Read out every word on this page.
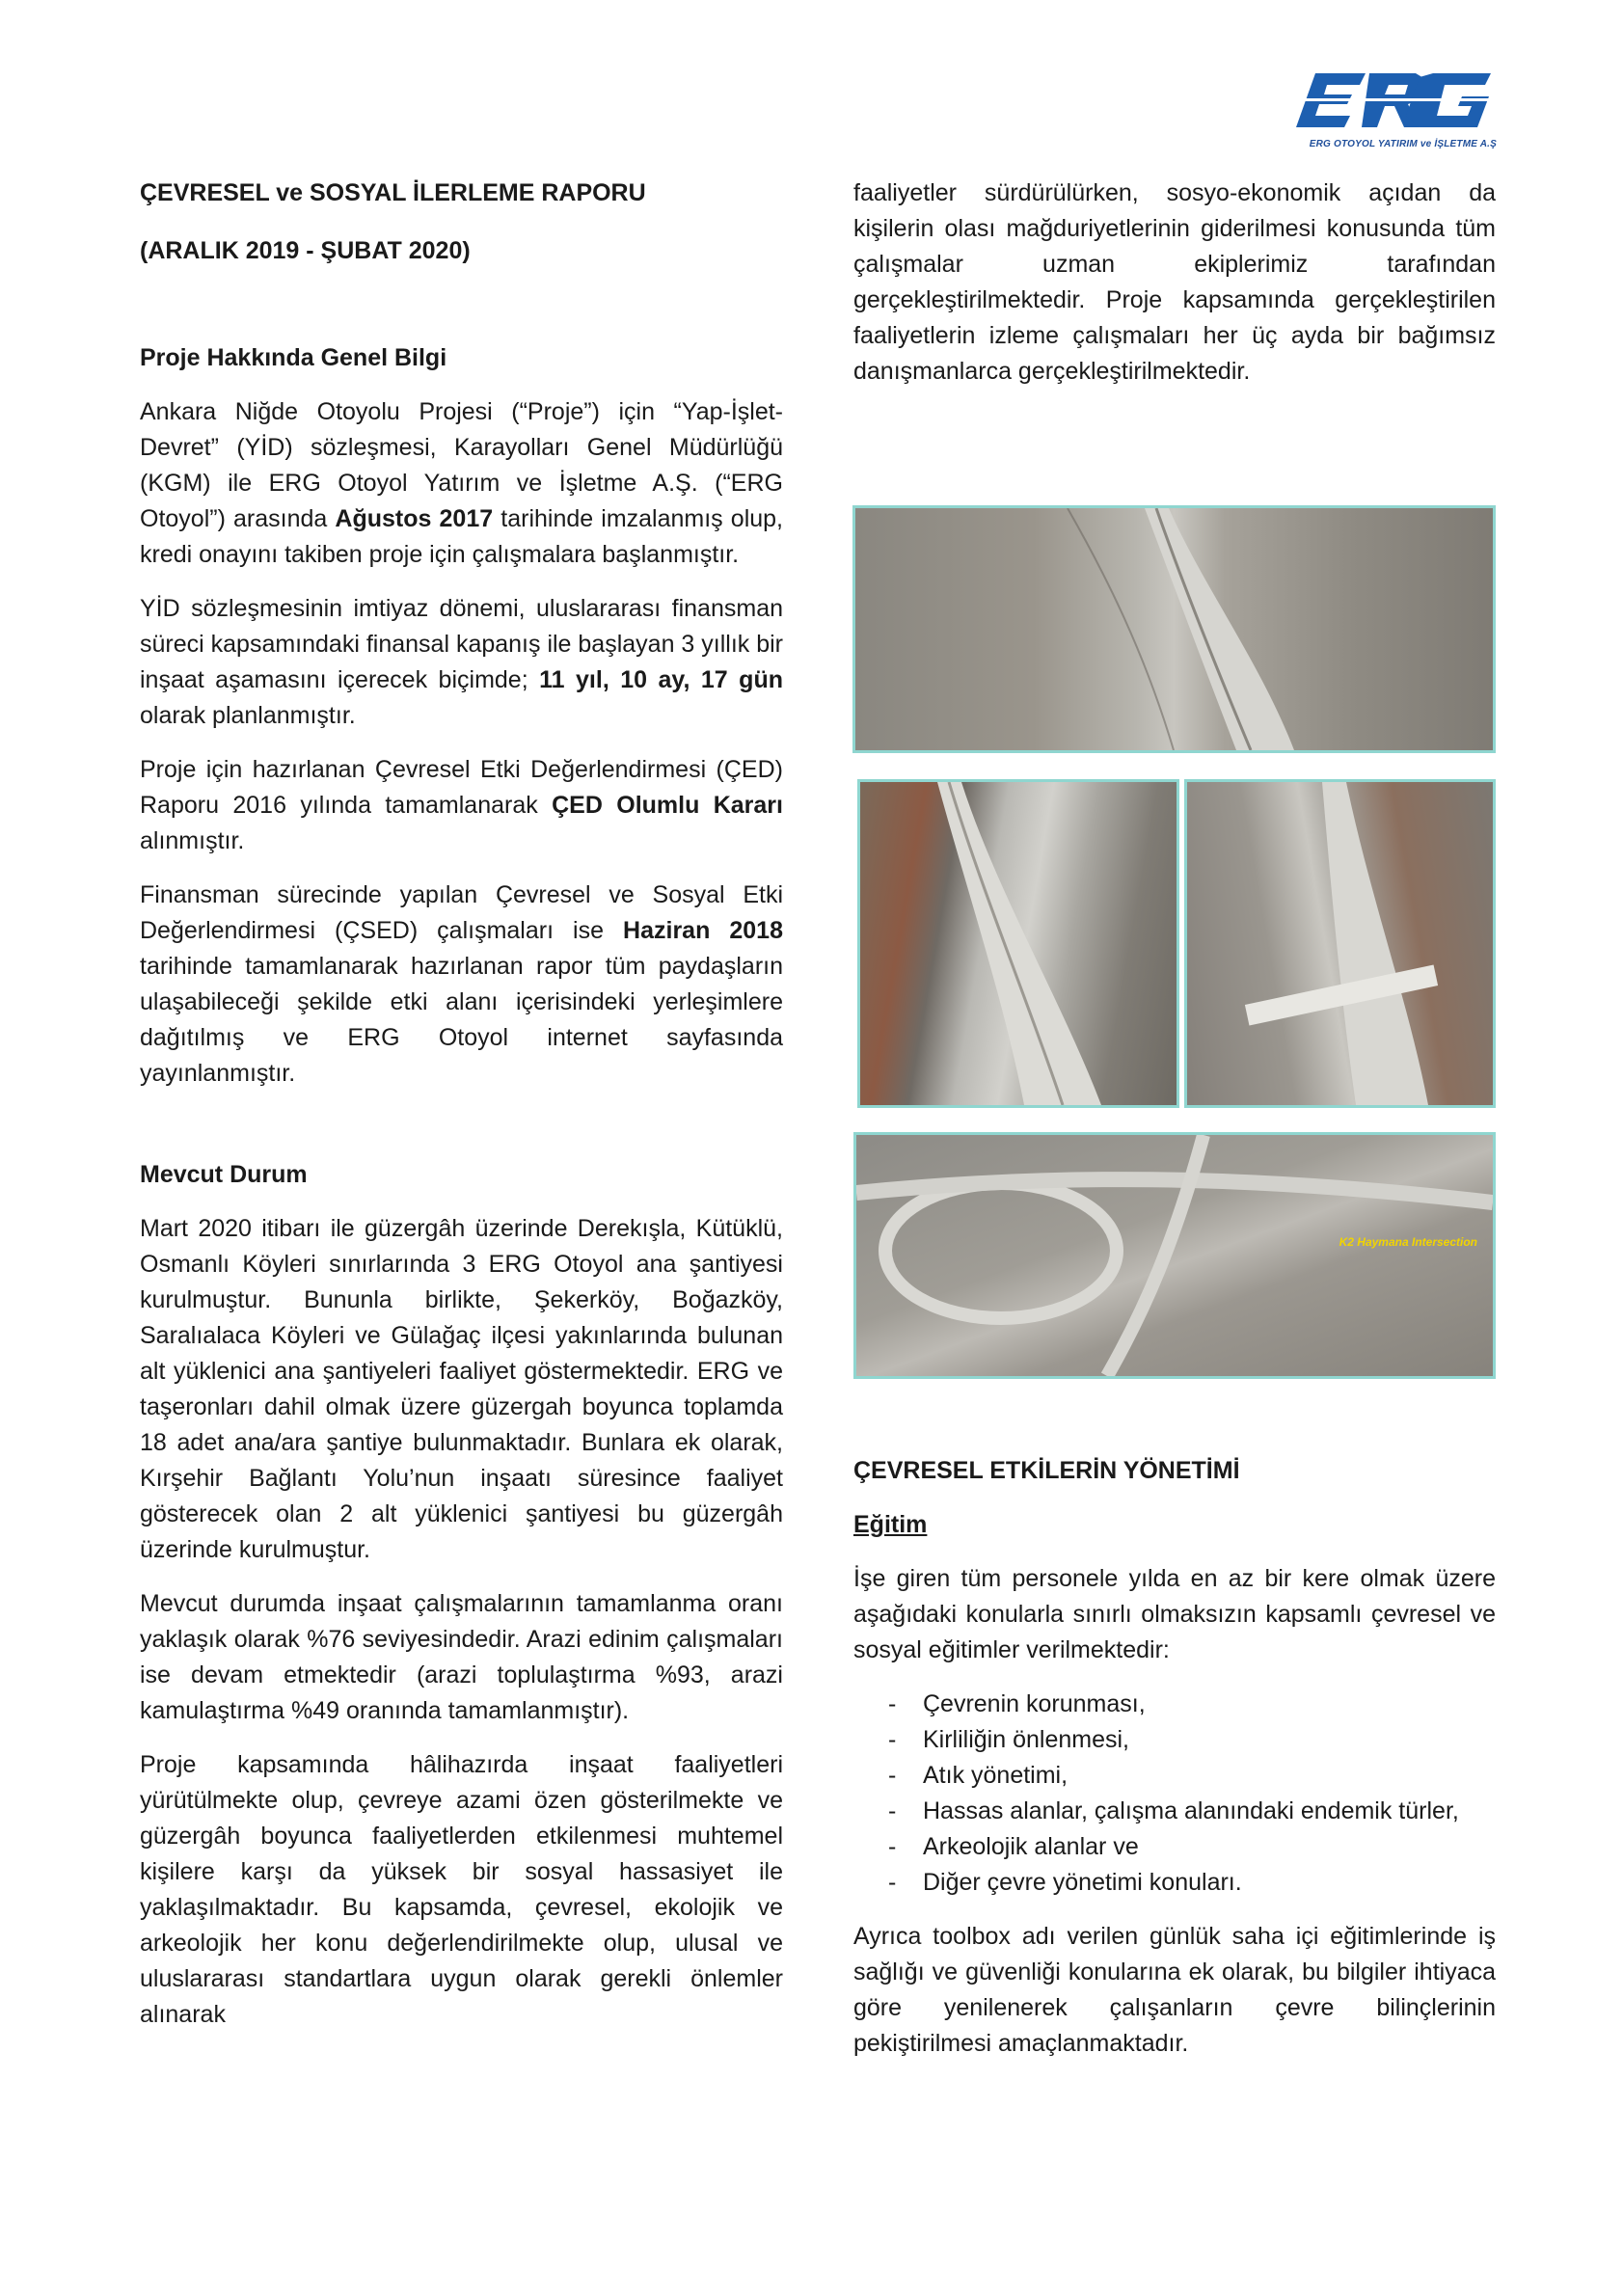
ERG OTOYOL YATIRIM ve İŞLETME A.Ş

ÇEVRESEL ve SOSYAL İLERLEME RAPORU

(ARALIK 2019 - ŞUBAT 2020)

Proje Hakkında Genel Bilgi

Ankara Niğde Otoyolu Projesi (“Proje”) için “Yap-İşlet-Devret” (YİD) sözleşmesi, Karayolları Genel Müdürlüğü (KGM) ile ERG Otoyol Yatırım ve İşletme A.Ş. (“ERG Otoyol”) arasında Ağustos 2017 tarihinde imzalanmış olup, kredi onayını takiben proje için çalışmalara başlanmıştır.

YİD sözleşmesinin imtiyaz dönemi, uluslararası finansman süreci kapsamındaki finansal kapanış ile başlayan 3 yıllık bir inşaat aşamasını içerecek biçimde; 11 yıl, 10 ay, 17 gün olarak planlanmıştır.

Proje için hazırlanan Çevresel Etki Değerlendirmesi (ÇED) Raporu 2016 yılında tamamlanarak ÇED Olumlu Kararı alınmıştır.

Finansman sürecinde yapılan Çevresel ve Sosyal Etki Değerlendirmesi (ÇSED) çalışmaları ise Haziran 2018 tarihinde tamamlanarak hazırlanan rapor tüm paydaşların ulaşabileceği şekilde etki alanı içerisindeki yerleşimlere dağıtılmış ve ERG Otoyol internet sayfasında yayınlanmıştır.

Mevcut Durum

Mart 2020 itibarı ile güzergâh üzerinde Derekışla, Kütüklü, Osmanlı Köyleri sınırlarında 3 ERG Otoyol ana şantiyesi kurulmuştur. Bununla birlikte, Şekerköy, Boğazköy, Saralıalaca Köyleri ve Gülağaç ilçesi yakınlarında bulunan alt yüklenici ana şantiyeleri faaliyet göstermektedir. ERG ve taşeronları dahil olmak üzere güzergah boyunca toplamda 18 adet ana/ara şantiye bulunmaktadır. Bunlara ek olarak, Kırşehir Bağlantı Yolu’nun inşaatı süresince faaliyet gösterecek olan 2 alt yüklenici şantiyesi bu güzergâh üzerinde kurulmuştur.

Mevcut durumda inşaat çalışmalarının tamamlanma oranı yaklaşık olarak %76 seviyesindedir. Arazi edinim çalışmaları ise devam etmektedir (arazi toplulaştırma %93, arazi kamulaştırma %49 oranında tamamlanmıştır).

Proje kapsamında hâlihazırda inşaat faaliyetleri yürütülmekte olup, çevreye azami özen gösterilmekte ve güzergâh boyunca faaliyetlerden etkilenmesi muhtemel kişilere karşı da yüksek bir sosyal hassasiyet ile yaklaşılmaktadır. Bu kapsamda, çevresel, ekolojik ve arkeolojik her konu değerlendirilmekte olup, ulusal ve uluslararası standartlara uygun olarak gerekli önlemler alınarak

faaliyetler sürdürülürken, sosyo-ekonomik açıdan da kişilerin olası mağduriyetlerinin giderilmesi konusunda tüm çalışmalar uzman ekiplerimiz tarafından gerçekleştirilmektedir. Proje kapsamında gerçekleştirilen faaliyetlerin izleme çalışmaları her üç ayda bir bağımsız danışmanlarca gerçekleştirilmektedir.

K2 Haymana Intersection

ÇEVRESEL ETKİLERİN YÖNETİMİ

Eğitim

İşe giren tüm personele yılda en az bir kere olmak üzere aşağıdaki konularla sınırlı olmaksızın kapsamlı çevresel ve sosyal eğitimler verilmektedir:

- Çevrenin korunması,
- Kirliliğin önlenmesi,
- Atık yönetimi,
- Hassas alanlar, çalışma alanındaki endemik türler,
- Arkeolojik alanlar ve
- Diğer çevre yönetimi konuları.

Ayrıca toolbox adı verilen günlük saha içi eğitimlerinde iş sağlığı ve güvenliği konularına ek olarak, bu bilgiler ihtiyaca göre yenilenerek çalışanların çevre bilinçlerinin pekiştirilmesi amaçlanmaktadır.
